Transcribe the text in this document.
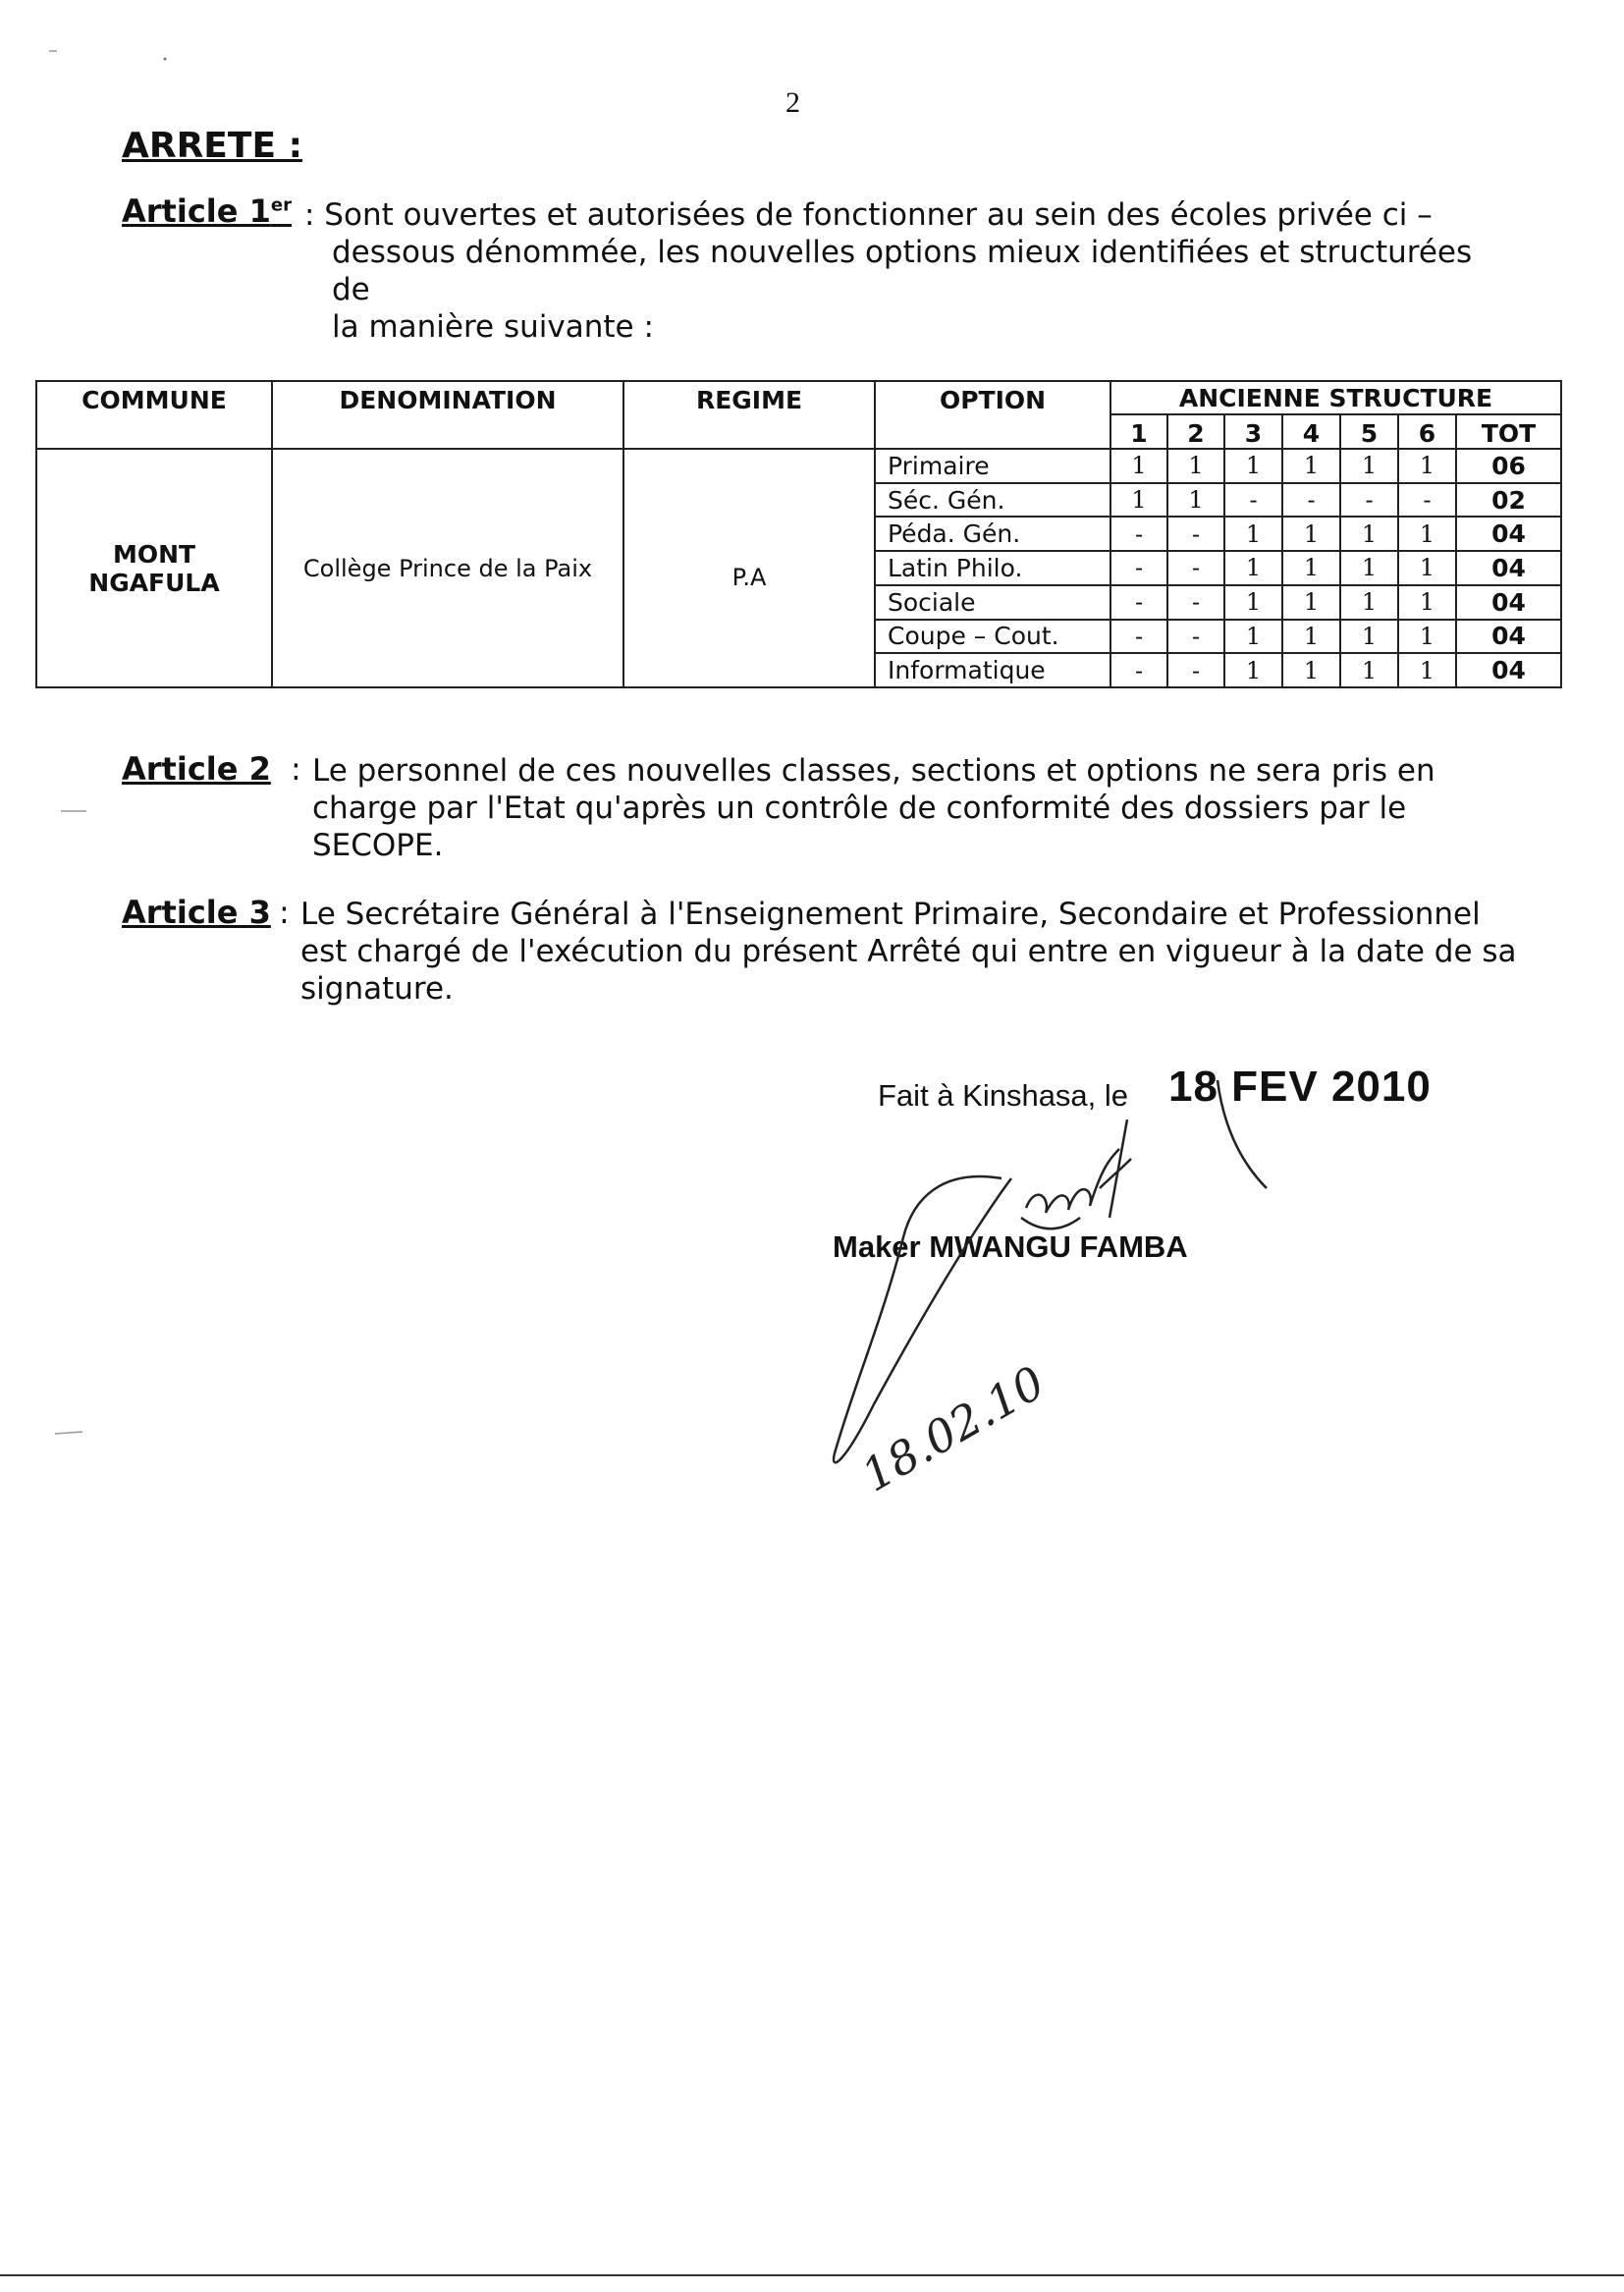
2
ARRETE :
Article 1er : Sont ouvertes et autorisées de fonctionner au sein des écoles privée ci –
dessous dénommée, les nouvelles options mieux identifiées et structurées de
la manière suivante :
COMMUNE	DENOMINATION	REGIME	OPTION	ANCIENNE STRUCTURE						
				1	2	3	4	5	6	TOT

MONT
NGAFULA	Collège Prince de la Paix	P.A	Primaire	1	1	1	1	1	1	06
			Séc. Gén.	1	1	-	-	-	-	02
			Péda. Gén.	-	-	1	1	1	1	04
			Latin Philo.	-	-	1	1	1	1	04
			Sociale	-	-	1	1	1	1	04
			Coupe – Cout.	-	-	1	1	1	1	04
			Informatique	-	-	1	1	1	1	04
Article 2 : Le personnel de ces nouvelles classes, sections et options ne sera pris en
charge par l'Etat qu'après un contrôle de conformité des dossiers par le
SECOPE.
Article 3 : Le Secrétaire Général à l'Enseignement Primaire, Secondaire et Professionnel
est chargé de l'exécution du présent Arrêté qui entre en vigueur à la date de sa
signature.
Fait à Kinshasa, le 18 FEV 2010
Maker MWANGU FAMBA
18.02.10
